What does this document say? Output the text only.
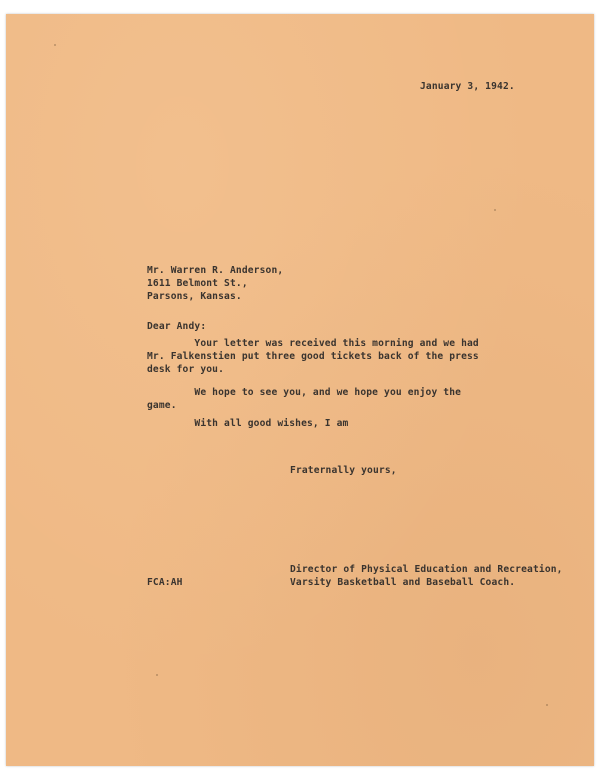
January 3, 1942.
Mr. Warren R. Anderson,
1611 Belmont St.,
Parsons, Kansas.
Dear Andy:
Your letter was received this morning and we had
Mr. Falkenstien put three good tickets back of the press
desk for you.
We hope to see you, and we hope you enjoy the
game.
With all good wishes, I am
Fraternally yours,
Director of Physical Education and Recreation,
Varsity Basketball and Baseball Coach.
FCA:AH
